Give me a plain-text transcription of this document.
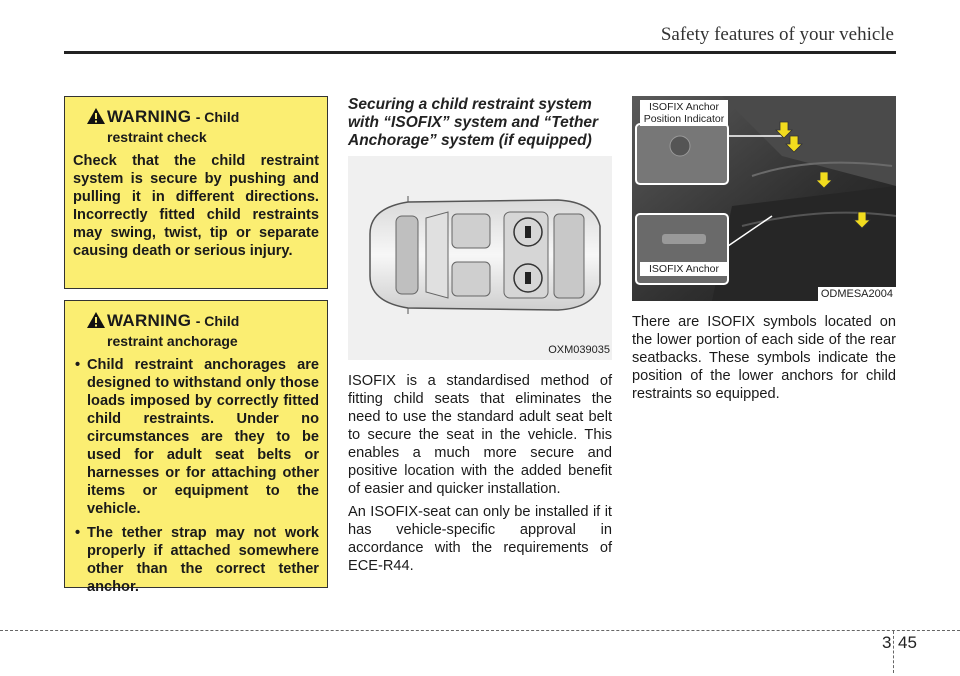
Safety features of your vehicle
WARNING - Child
restraint check
Check that the child restraint system is secure by pushing and pulling it in different directions. Incorrectly fitted child restraints may swing, twist, tip or separate causing death or serious injury.
WARNING - Child
restraint anchorage
• Child restraint anchorages are designed to withstand only those loads imposed by correctly fitted child restraints. Under no circumstances are they to be used for adult seat belts or harnesses or for attaching other items or equipment to the vehicle.
• The tether strap may not work properly if attached somewhere other than the correct tether anchor.
Securing a child restraint system with “ISOFIX” system and “Tether Anchorage” system (if equipped)
OXM039035

ISOFIX is a standardised method of fitting child seats that eliminates the need to use the standard adult seat belt to secure the seat in the vehicle. This enables a much more secure and positive location with the added benefit of easier and quicker installation.

An ISOFIX-seat can only be installed if it has vehicle-specific approval in accordance with the requirements of ECE-R44.

ISOFIX Anchor Position Indicator
ISOFIX Anchor
ODMESA2004

There are ISOFIX symbols located on the lower portion of each side of the rear seatbacks. These symbols indicate the position of the lower anchors for child restraints so equipped.

3 45
